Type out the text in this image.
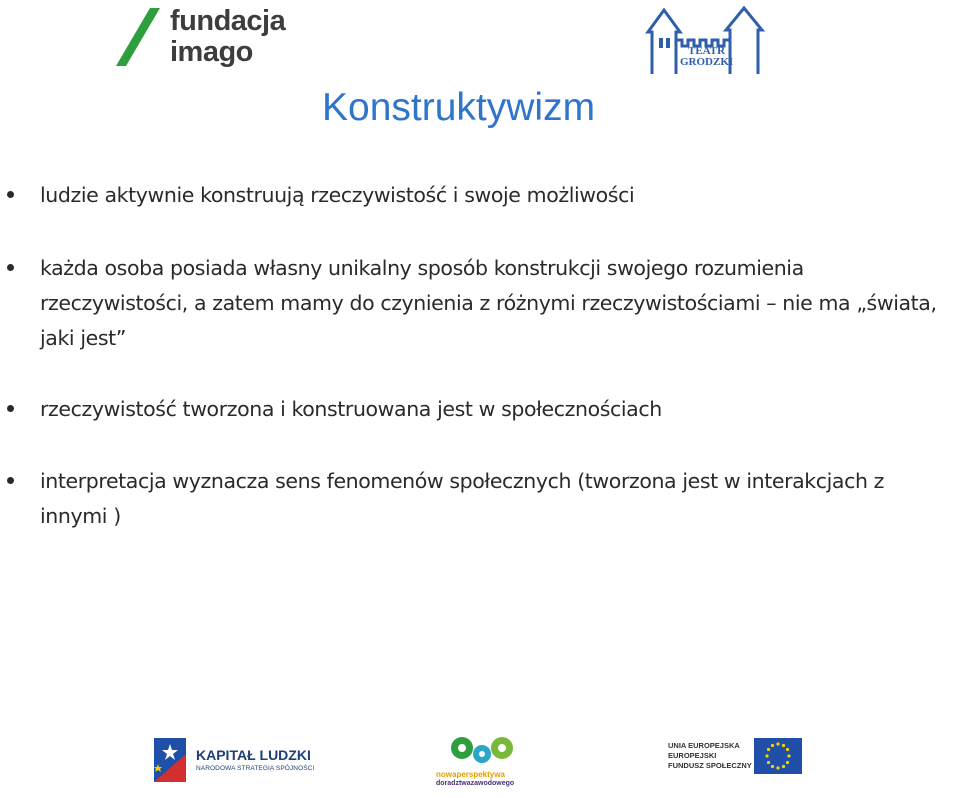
fundacja
imago	TEATR
GRODZKI
Konstruktywizm
ludzie aktywnie konstruują rzeczywistość i swoje możliwości
każda osoba posiada własny unikalny sposób konstrukcji swojego rozumienia rzeczywistości, a zatem mamy do czynienia z różnymi rzeczywistościami – nie ma „świata, jaki jest”
rzeczywistość tworzona i konstruowana jest w społecznościach
interpretacja wyznacza sens fenomenów społecznych (tworzona jest w interakcjach z innymi )
KAPITAŁ LUDZKI
NARODOWA STRATEGIA SPÓJNOŚCI
nowaperspektywa
doradztwazawodowego
UNIA EUROPEJSKA
EUROPEJSKI
FUNDUSZ SPOŁECZNY
